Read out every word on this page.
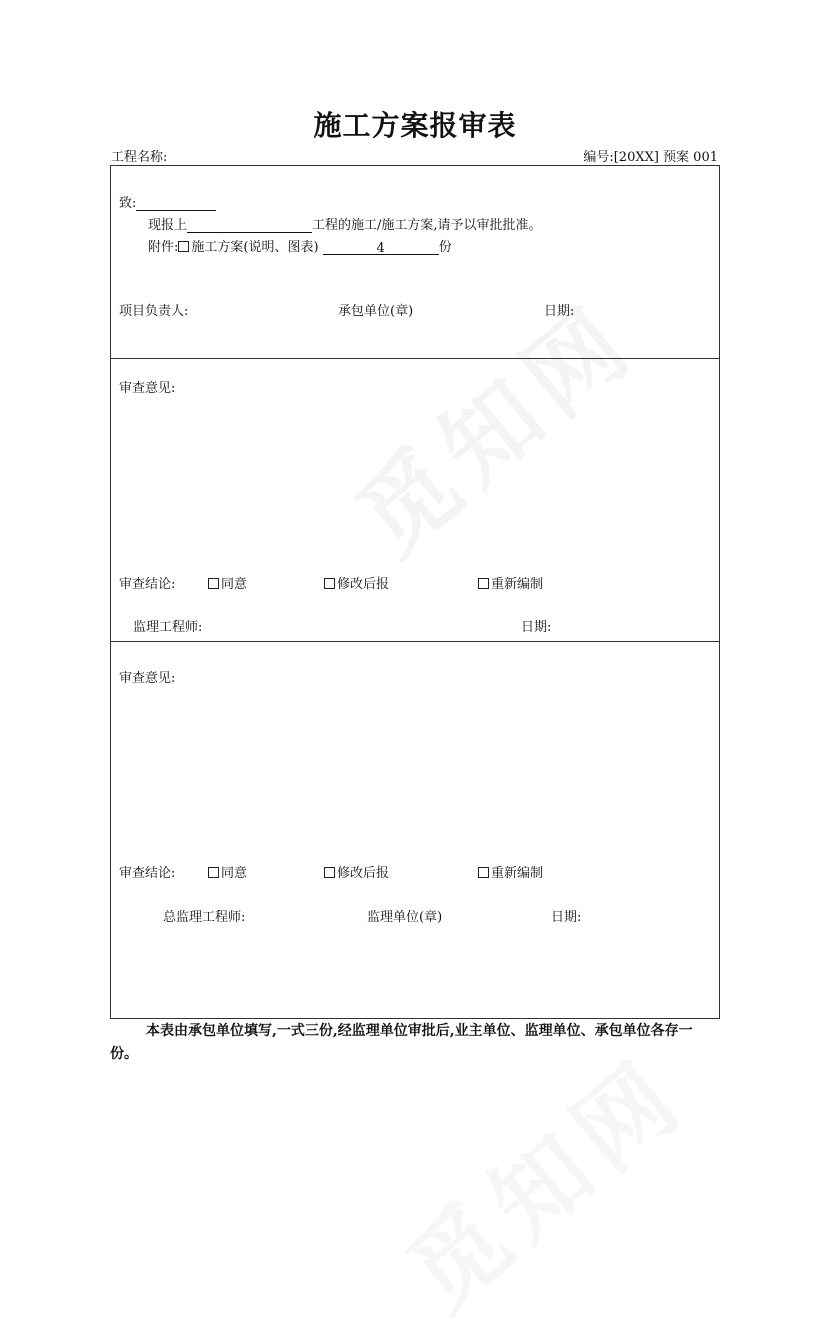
施工方案报审表
工程名称:	编号:[20XX] 预案 001
致:
现报上	工程的施工/施工方案,请予以审批批准。
附件: 施工方案(说明、图表)	4	份
项目负责人:	承包单位(章)	日期:
审查意见:
审查结论:	同意	修改后报	重新编制
监理工程师:	日期:
审查意见:
审查结论:	同意	修改后报	重新编制
总监理工程师:	监理单位(章)	日期:
本表由承包单位填写,一式三份,经监理单位审批后,业主单位、监理单位、承包单位各存一份。
